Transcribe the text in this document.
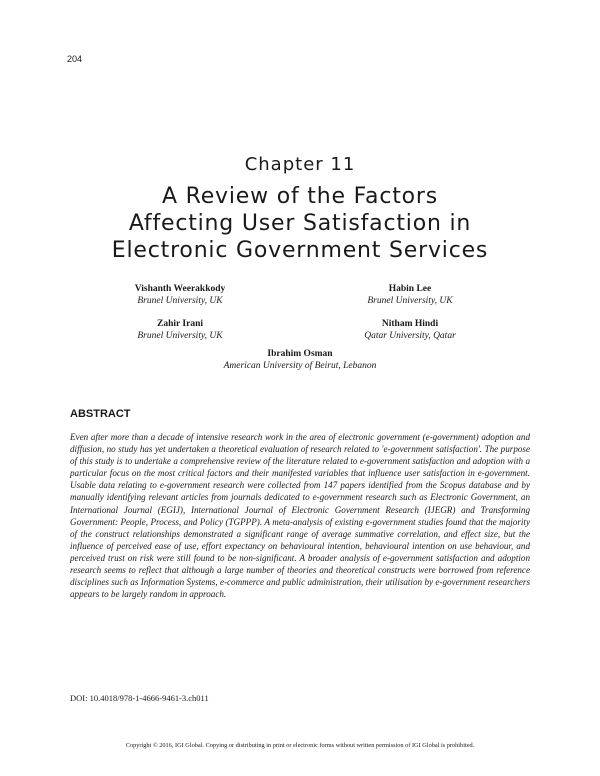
204
Chapter 11
A Review of the Factors
Affecting User Satisfaction in
Electronic Government Services
Vishanth Weerakkody
Brunel University, UK
Habin Lee
Brunel University, UK
Zahir Irani
Brunel University, UK
Nitham Hindi
Qatar University, Qatar
Ibrahim Osman
American University of Beirut, Lebanon
ABSTRACT
Even after more than a decade of intensive research work in the area of electronic government (e-government) adoption and diffusion, no study has yet undertaken a theoretical evaluation of research related to 'e-government satisfaction'. The purpose of this study is to undertake a comprehensive review of the literature related to e-government satisfaction and adoption with a particular focus on the most critical factors and their manifested variables that influence user satisfaction in e-government. Usable data relating to e-government research were collected from 147 papers identified from the Scopus database and by manually identifying relevant articles from journals dedicated to e-government research such as Electronic Government, an International Journal (EGIJ), International Journal of Electronic Government Research (IJEGR) and Transforming Government: People, Process, and Policy (TGPPP). A meta-analysis of existing e-government studies found that the majority of the construct relationships demonstrated a significant range of average summative correlation, and effect size, but the influence of perceived ease of use, effort expectancy on behavioural intention, behavioural intention on use behaviour, and perceived trust on risk were still found to be non-significant. A broader analysis of e-government satisfaction and adoption research seems to reflect that although a large number of theories and theoretical constructs were borrowed from reference disciplines such as Information Systems, e-commerce and public administration, their utilisation by e-government researchers appears to be largely random in approach.
DOI: 10.4018/978-1-4666-9461-3.ch011
Copyright © 2016, IGI Global. Copying or distributing in print or electronic forms without written permission of IGI Global is prohibited.
